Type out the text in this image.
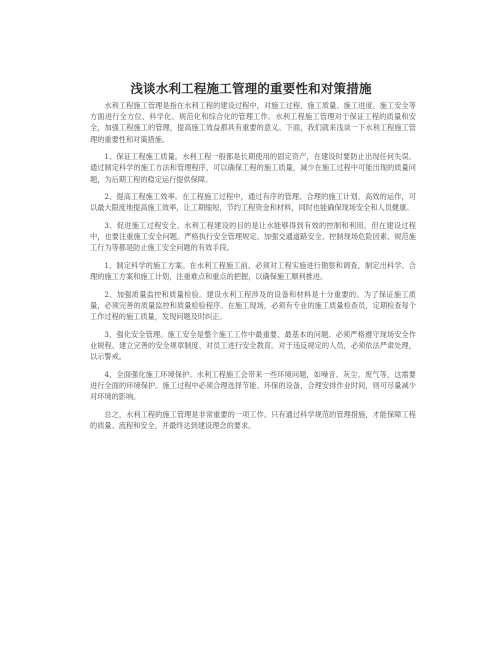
浅谈水利工程施工管理的重要性和对策措施

水利工程施工管理是指在水利工程的建设过程中，对施工过程、施工质量、施工进度、施工安全等方面进行全方位、科学化、规范化和综合化的管理工作。水利工程施工管理对于保证工程的质量和安全，加强工程施工的管理，提高施工效益都具有重要的意义。下面，我们就来浅谈一下水利工程施工管理的重要性和对策措施。

1、保证工程施工质量。水利工程一般都是长期使用的固定资产，在建设时要防止出现任何失误。通过制定科学的施工方法和管理程序，可以确保工程的施工质量，减少在施工过程中可能出现的质量问题，为后期工程的稳定运行提供保障。

2、提高工程施工效率。在工程施工过程中，通过有序的管理、合理的施工计划、高效的运作，可以最大限度地提高施工效率，让工期缩短，节约工程资金和材料，同时也能确保现场安全和人员健康。

3、促进施工过程安全。水利工程建设的目的是让水能够得到有效的控制和利用，但在建设过程中，也要注重施工安全问题。严格执行安全管理规定、加强交通道路安全、控制现场危险因素、规范施工行为等都是防止施工安全问题的有效手段。

1、制定科学的施工方案。在水利工程施工前，必须对工程实施进行勘察和调查，制定出科学、合理的施工方案和施工计划，注重难点和重点的把握，以确保施工顺利推进。

2、加强质量监控和质量检验。建设水利工程涉及的设备和材料是十分重要的。为了保证施工质量，必须完善的质量监控和质量检验程序。在施工现场，必须有专业的施工质量检查员，定期检查每个工作过程的施工质量，发现问题及时纠正。

3、强化安全管理。施工安全是整个施工工作中最重要、最基本的问题。必须严格遵守现场安全作业规程、建立完善的安全规章制度、对员工进行安全教育。对于违反规定的人员，必须依法严肃处理，以示警戒。

4、全面强化施工环境保护。水利工程施工会带来一些环境问题，如噪音、灰尘、废气等，这需要进行全面的环境保护。施工过程中必须合理选择节能、环保的设备，合理安排作业时间，则可尽量减少对环境的影响。

总之，水利工程的施工管理是非常重要的一项工作。只有通过科学规范的管理措施，才能保障工程的质量、流程和安全，并最终达到建设理念的要求。
